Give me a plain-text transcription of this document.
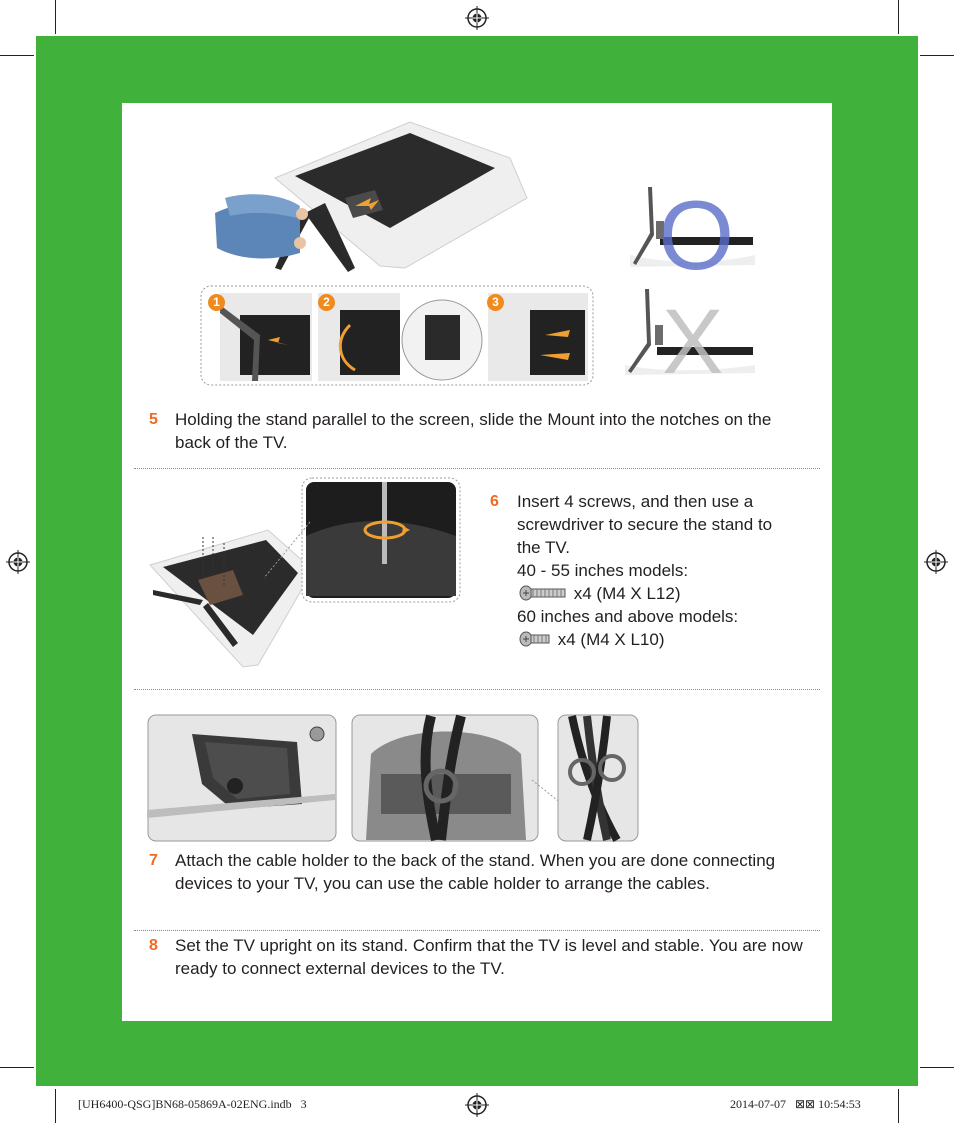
1	2	3
O
X
5 Holding the stand parallel to the screen, slide the Mount into the notches on the back of the TV.
6 Insert 4 screws, and then use a
screwdriver to secure the stand to
the TV.
40 - 55 inches models:
x4 (M4 X L12)
60 inches and above models:
x4 (M4 X L10)
7 Attach the cable holder to the back of the stand. When you are done connecting devices to your TV, you can use the cable holder to arrange the cables.
8 Set the TV upright on its stand. Confirm that the TV is level and stable. You are now ready to connect external devices to the TV.
[UH6400-QSG]BN68-05869A-02ENG.indb   3	2014-07-07 ⊠⊠ 10:54:53
